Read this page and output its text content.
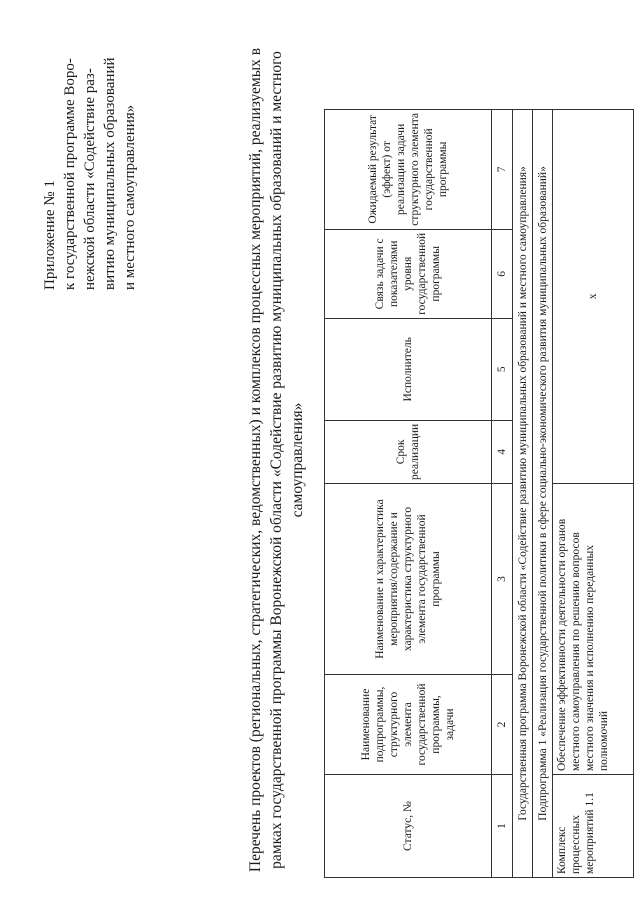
Приложение № 1 к государственной программе Воро- нежской области «Содействие раз- витию муниципальных образований и местного самоуправления»	Перечень проектов (региональных, стратегических, ведомственных) и комплексов процессных мероприятий, реализуемых в рамках государственной программы Воронежской области «Содействие развитию муниципальных образований и местного самоуправления»
Статус, №	Наименование подпрограммы, структурного элемента государственной программы, задачи	Наименование и характеристика мероприятия/содержание и характеристика структурного элемента государственной программы	Срок реализации	Исполнитель	Связь задачи с показателями уровня государственной программы	Ожидаемый результат (эффект) от реализации задачи структурного элемента государственной программы
1	2	3	4	5	6	7
Государственная программа Воронежской области «Содействие развитию муниципальных образований и местного самоуправления»						
Подпрограмма 1 «Реализация государственной политики в сфере социально-экономического развития муниципальных образований»						
Комплекс процессных мероприятий 1.1	Обеспечение эффективности деятельности органов местного самоуправления по решению вопросов местного значения и исполнению переданных полномочий		х			
